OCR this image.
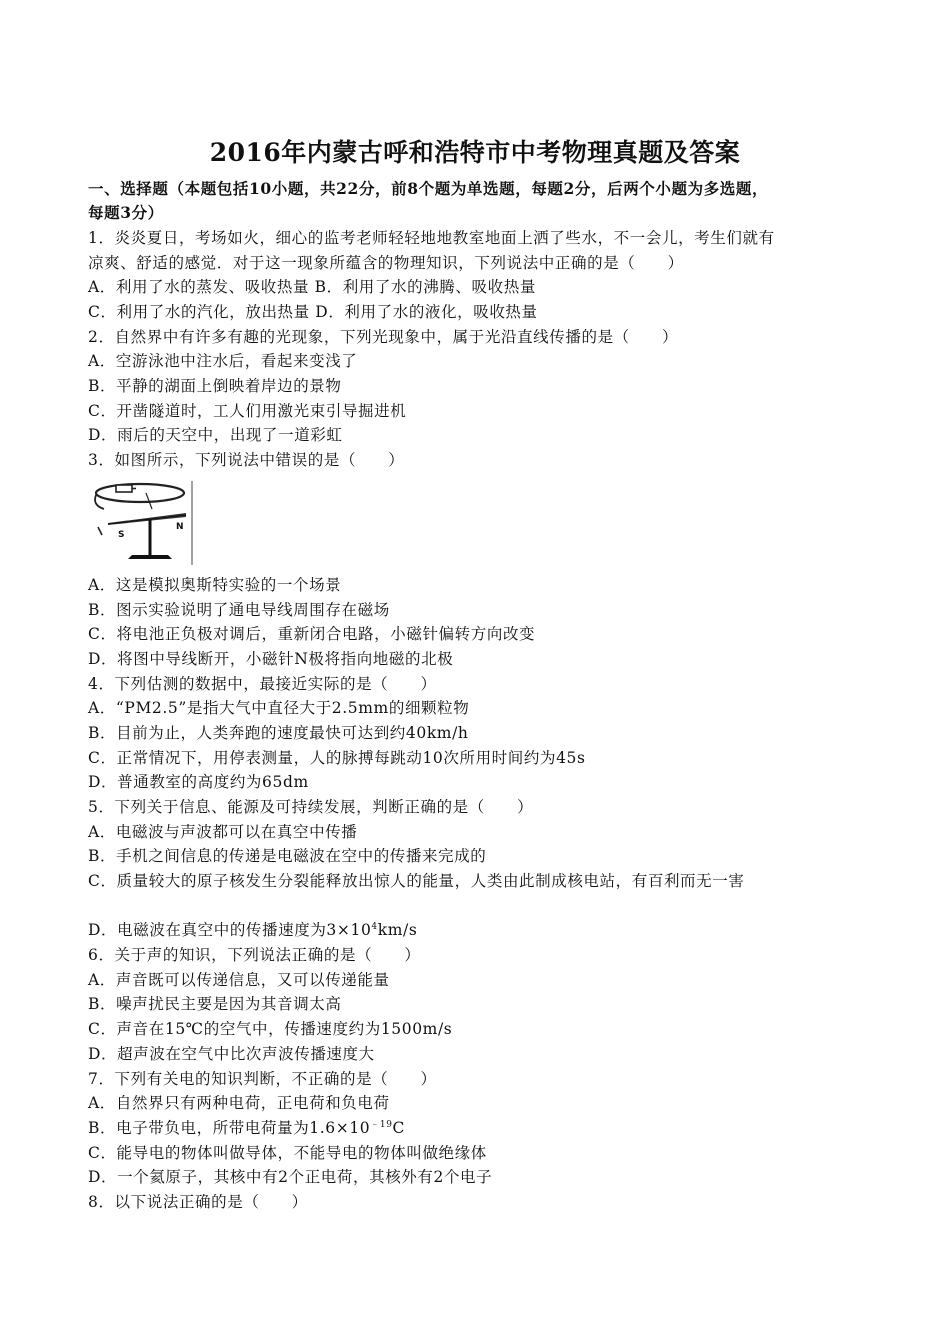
2016年内蒙古呼和浩特市中考物理真题及答案
一、选择题（本题包括10小题，共22分，前8个题为单选题，每题2分，后两个小题为多选题，
每题3分）
1．炎炎夏日，考场如火，细心的监考老师轻轻地地教室地面上洒了些水，不一会儿，考生们就有
凉爽、舒适的感觉．对于这一现象所蕴含的物理知识，下列说法中正确的是（　　）
A．利用了水的蒸发、吸收热量 B．利用了水的沸腾、吸收热量
C．利用了水的汽化，放出热量 D．利用了水的液化，吸收热量
2．自然界中有许多有趣的光现象，下列光现象中，属于光沿直线传播的是（　　）
A．空游泳池中注水后，看起来变浅了
B．平静的湖面上倒映着岸边的景物
C．开凿隧道时，工人们用激光束引导掘进机
D．雨后的天空中，出现了一道彩虹
3．如图所示，下列说法中错误的是（　　）
S
N
A．这是模拟奥斯特实验的一个场景
B．图示实验说明了通电导线周围存在磁场
C．将电池正负极对调后，重新闭合电路，小磁针偏转方向改变
D．将图中导线断开，小磁针N极将指向地磁的北极
4．下列估测的数据中，最接近实际的是（　　）
A．“PM2.5”是指大气中直径大于2.5mm的细颗粒物
B．目前为止，人类奔跑的速度最快可达到约40km/h
C．正常情况下，用停表测量，人的脉搏每跳动10次所用时间约为45s
D．普通教室的高度约为65dm
5．下列关于信息、能源及可持续发展，判断正确的是（　　）
A．电磁波与声波都可以在真空中传播
B．手机之间信息的传递是电磁波在空中的传播来完成的
C．质量较大的原子核发生分裂能释放出惊人的能量，人类由此制成核电站，有百利而无一害
D．电磁波在真空中的传播速度为$3\times 10^4km/s$
6．关于声的知识，下列说法正确的是（　　）
A．声音既可以传递信息，又可以传递能量
B．噪声扰民主要是因为其音调太高
C．声音在15℃的空气中，传播速度约为1500m/s
D．超声波在空气中比次声波传播速度大
7．下列有关电的知识判断，不正确的是（　　）
A．自然界只有两种电荷，正电荷和负电荷
B．电子带负电，所带电荷量为$1.6\times 10^{﹣19}C$
C．能导电的物体叫做导体，不能导电的物体叫做绝缘体
D．一个氦原子，其核中有2个正电荷，其核外有2个电子
8．以下说法正确的是（　　）
